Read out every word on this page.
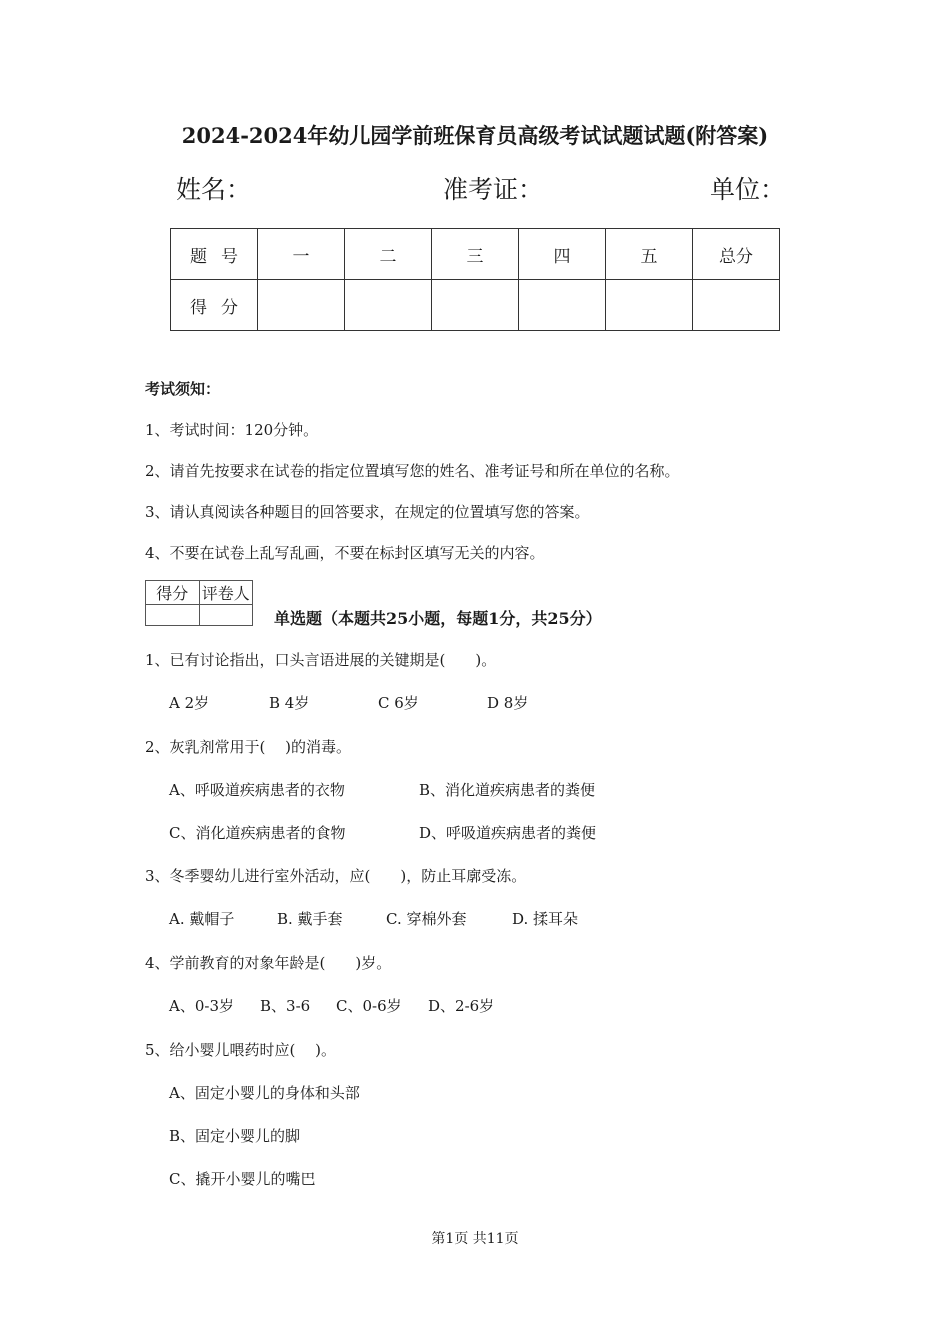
2024-2024年幼儿园学前班保育员高级考试试题试题(附答案)
姓名：	准考证：	单位：
题号	一	二	三	四	五	总分
得分						
考试须知：
1、考试时间：120分钟。
2、请首先按要求在试卷的指定位置填写您的姓名、准考证号和所在单位的名称。
3、请认真阅读各种题目的回答要求，在规定的位置填写您的答案。
4、不要在试卷上乱写乱画，不要在标封区填写无关的内容。
得分	评卷人

单选题（本题共25小题，每题1分，共25分）
1、已有讨论指出，口头言语进展的关键期是(　　)。
A 2岁	B 4岁	C 6岁	D 8岁
2、灰乳剂常用于(　 )的消毒。
A、呼吸道疾病患者的衣物	B、消化道疾病患者的粪便
C、消化道疾病患者的食物	D、呼吸道疾病患者的粪便
3、冬季婴幼儿进行室外活动，应(　　)，防止耳廓受冻。
A. 戴帽子	B. 戴手套	C. 穿棉外套	D. 揉耳朵
4、学前教育的对象年龄是(　　)岁。
A、0-3岁 B、3-6 C、0-6岁 D、2-6岁
5、给小婴儿喂药时应(　 )。
A、固定小婴儿的身体和头部
B、固定小婴儿的脚
C、撬开小婴儿的嘴巴
第1页 共11页
